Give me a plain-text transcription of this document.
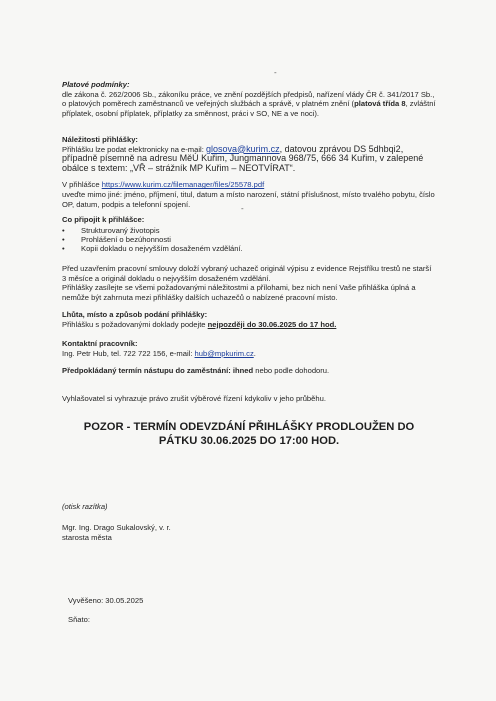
-

Platové podmínky:

dle zákona č. 262/2006 Sb., zákoníku práce, ve znění pozdějších předpisů, nařízení vlády ČR č. 341/2017 Sb., o platových poměrech zaměstnanců ve veřejných službách a správě, v platném znění (platová třída 8, zvláštní příplatek, osobní příplatek, příplatky za směnnost, práci v SO, NE a ve noci).

Náležitosti přihlášky:

Přihlášku lze podat elektronicky na e-mail: glosova@kurim.cz, datovou zprávou DS 5dhbqi2, případně písemně na adresu MěÚ Kuřim, Jungmannova 968/75, 666 34 Kuřim, v zalepené obálce s textem: „VŘ – strážník MP Kuřim – NEOTVÍRAT“.

V přihlášce https://www.kurim.cz/filemanager/files/25578.pdf
uveďte mimo jiné: jméno, příjmení, titul, datum a místo narození, státní příslušnost, místo trvalého pobytu, číslo OP, datum, podpis a telefonní spojení.	-

Co připojit k přihlášce:

• Strukturovaný životopis
• Prohlášení o bezúhonnosti
• Kopii dokladu o nejvyšším dosaženém vzdělání.

Před uzavřením pracovní smlouvy doloží vybraný uchazeč originál výpisu z evidence Rejstříku trestů ne starší 3 měsíce a originál dokladu o nejvyšším dosaženém vzdělání.

Přihlášky zasílejte se všemi požadovanými náležitostmi a přílohami, bez nich není Vaše přihláška úplná a nemůže být zahrnuta mezi přihlášky dalších uchazečů o nabízené pracovní místo.

Lhůta, místo a způsob podání přihlášky:

Přihlášku s požadovanými doklady podejte nejpozději do 30.06.2025 do 17 hod.

Kontaktní pracovník:

Ing. Petr Hub, tel. 722 722 156, e-mail: hub@mpkurim.cz.

Předpokládaný termín nástupu do zaměstnání: ihned nebo podle dohodoru.

Vyhlašovatel si vyhrazuje právo zrušit výběrové řízení kdykoliv v jeho průběhu.

POZOR - TERMÍN ODEVZDÁNÍ PŘIHLÁŠKY PRODLOUŽEN DO
PÁTKU 30.06.2025 DO 17:00 HOD.

(otisk razítka)

Mgr. Ing. Drago Sukalovský, v. r.

starosta města

Vyvěšeno: 30.05.2025

Sňato:
